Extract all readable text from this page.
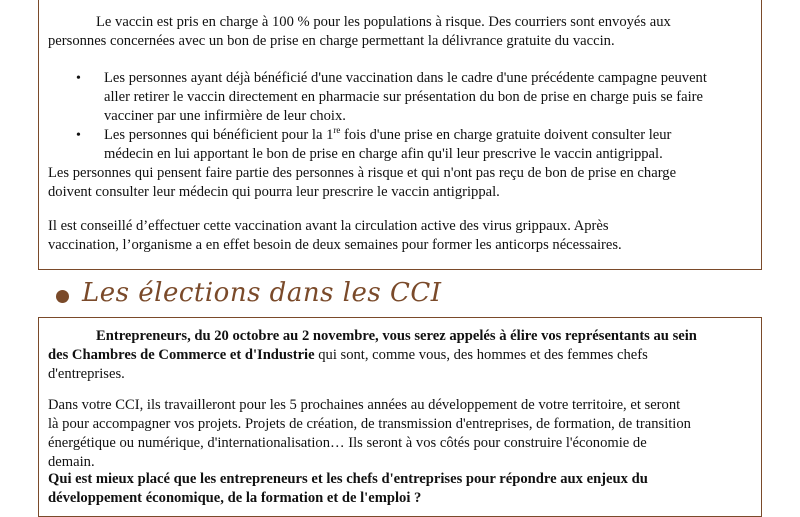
Le vaccin est pris en charge à 100 % pour les populations à risque. Des courriers sont envoyés aux

personnes concernées avec un bon de prise en charge permettant la délivrance gratuite du vaccin.

• Les personnes ayant déjà bénéficié d'une vaccination dans le cadre d'une précédente campagne peuvent

aller retirer le vaccin directement en pharmacie sur présentation du bon de prise en charge puis se faire

vacciner par une infirmière de leur choix.

• Les personnes qui bénéficient pour la 1re fois d'une prise en charge gratuite doivent consulter leur

médecin en lui apportant le bon de prise en charge afin qu'il leur prescrive le vaccin antigrippal.

Les personnes qui pensent faire partie des personnes à risque et qui n'ont pas reçu de bon de prise en charge

doivent consulter leur médecin qui pourra leur prescrire le vaccin antigrippal.

Il est conseillé d’effectuer cette vaccination avant la circulation active des virus grippaux. Après

vaccination, l’organisme a en effet besoin de deux semaines pour former les anticorps nécessaires.

Les élections dans les CCI

Entrepreneurs, du 20 octobre au 2 novembre, vous serez appelés à élire vos représentants au sein

des Chambres de Commerce et d'Industrie qui sont, comme vous, des hommes et des femmes chefs

d'entreprises.

Dans votre CCI, ils travailleront pour les 5 prochaines années au développement de votre territoire, et seront

là pour accompagner vos projets. Projets de création, de transmission d'entreprises, de formation, de transition

énergétique ou numérique, d'internationalisation… Ils seront à vos côtés pour construire l'économie de

demain.

Qui est mieux placé que les entrepreneurs et les chefs d'entreprises pour répondre aux enjeux du

développement économique, de la formation et de l'emploi ?
